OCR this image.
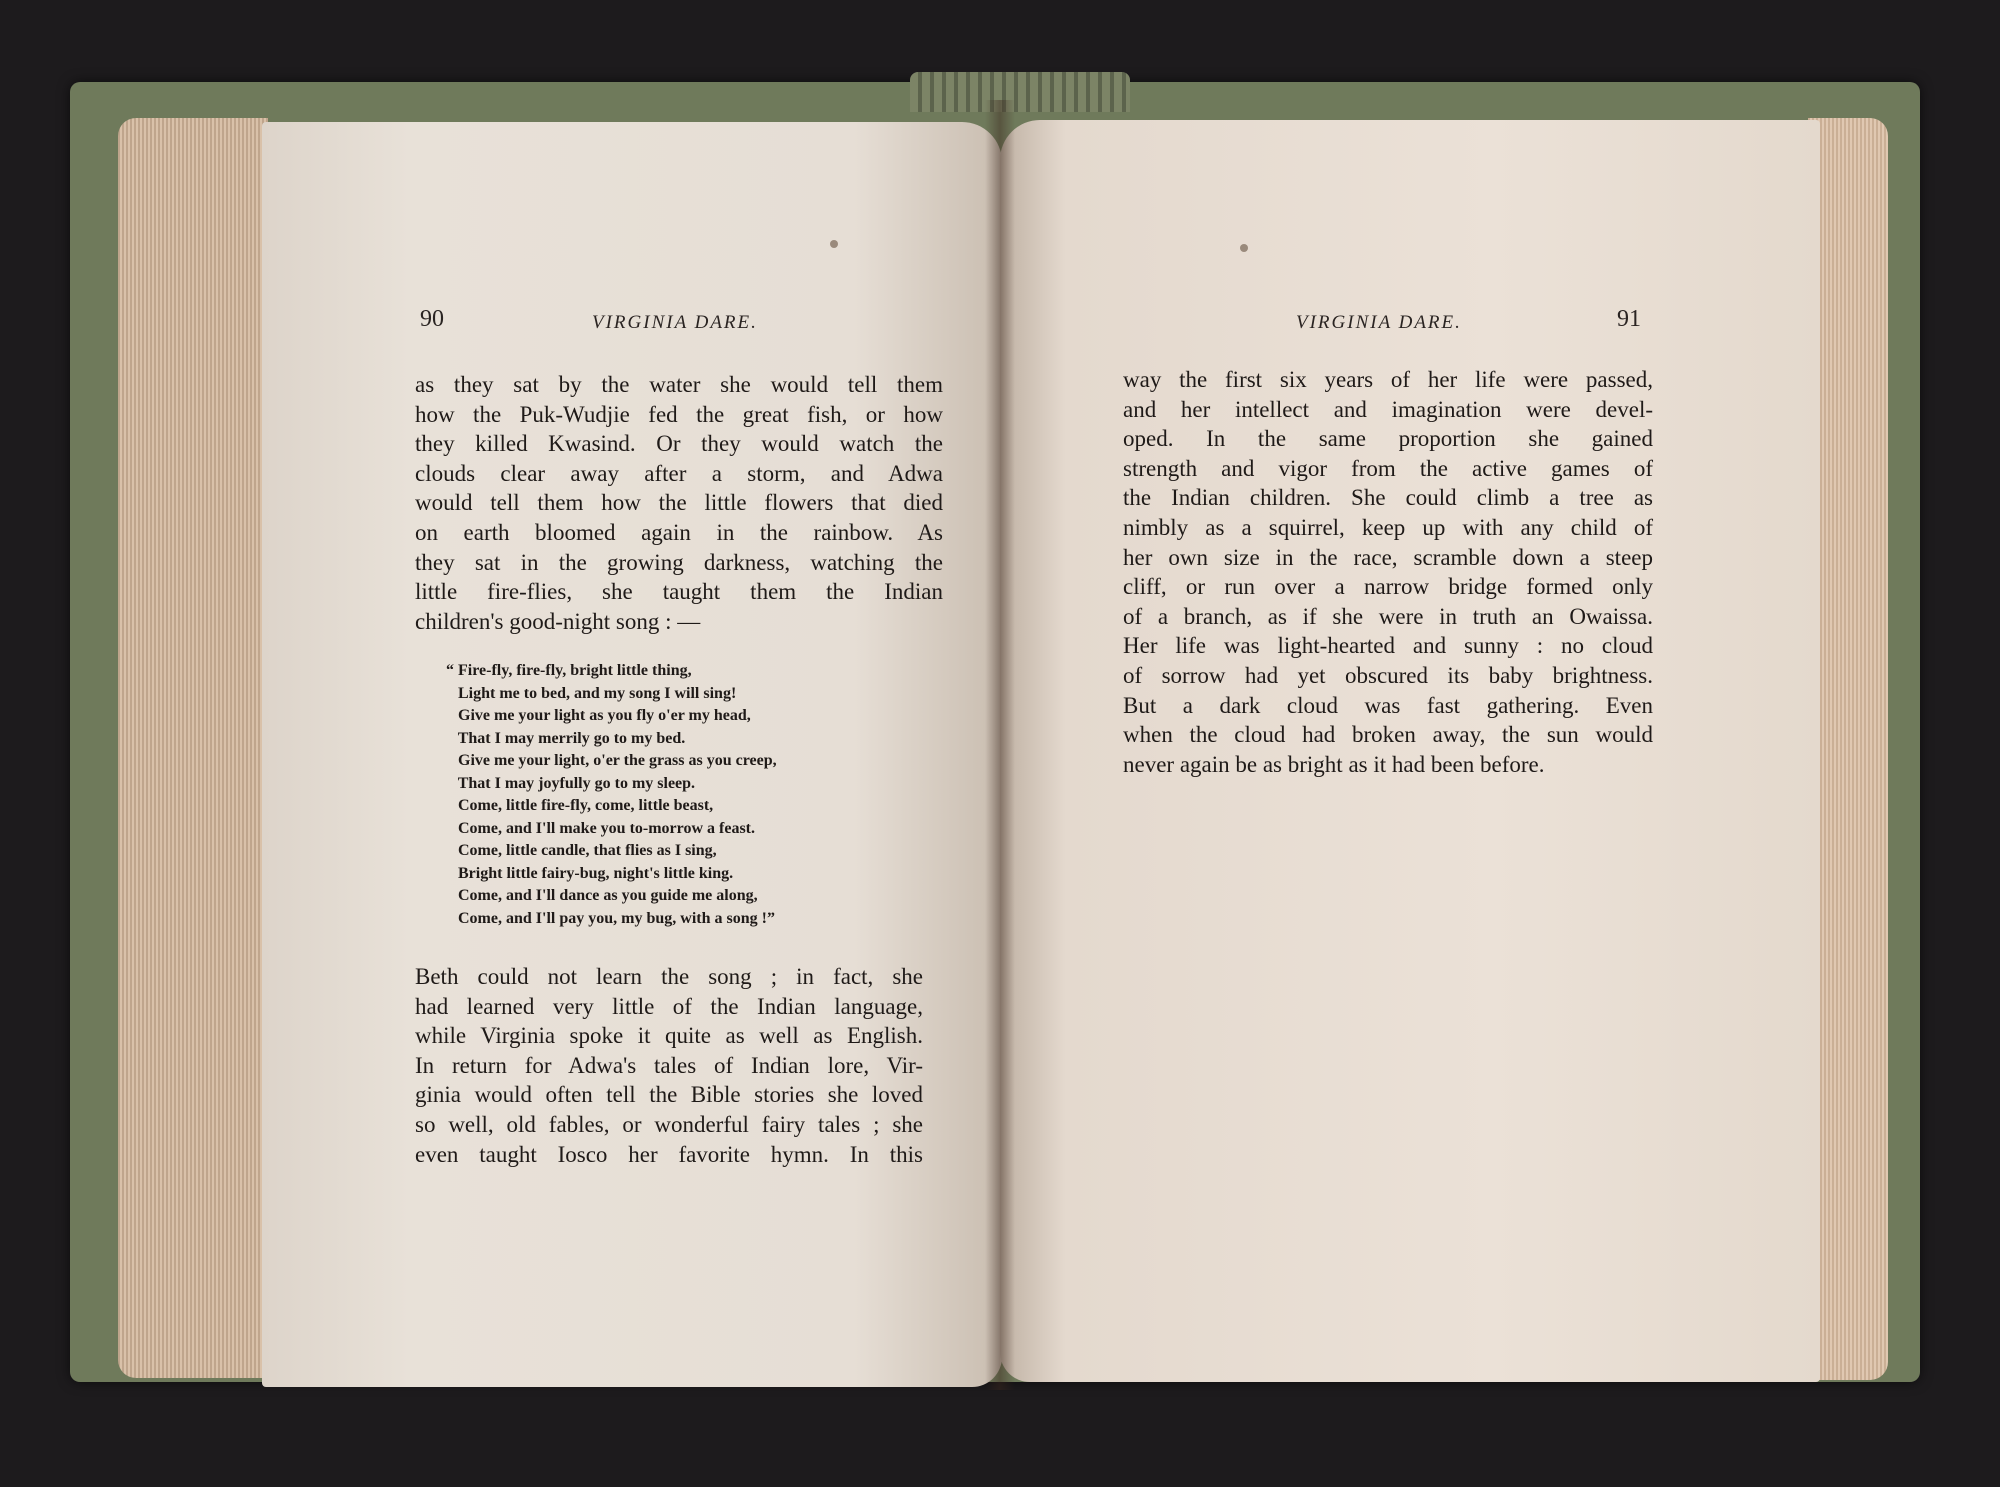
90	VIRGINIA DARE.

as they sat by the water she would tell them
how the Puk-Wudjie fed the great fish, or how
they killed Kwasind. Or they would watch the
clouds clear away after a storm, and Adwa
would tell them how the little flowers that died
on earth bloomed again in the rainbow. As
they sat in the growing darkness, watching the
little fire-flies, she taught them the Indian
children's good-night song : —

“ Fire-fly, fire-fly, bright little thing,
Light me to bed, and my song I will sing!
Give me your light as you fly o'er my head,
That I may merrily go to my bed.
Give me your light, o'er the grass as you creep,
That I may joyfully go to my sleep.
Come, little fire-fly, come, little beast,
Come, and I'll make you to-morrow a feast.
Come, little candle, that flies as I sing,
Bright little fairy-bug, night's little king.
Come, and I'll dance as you guide me along,
Come, and I'll pay you, my bug, with a song !”

Beth could not learn the song ; in fact, she
had learned very little of the Indian language,
while Virginia spoke it quite as well as English.
In return for Adwa's tales of Indian lore, Vir-
ginia would often tell the Bible stories she loved
so well, old fables, or wonderful fairy tales ; she
even taught Iosco her favorite hymn. In this

VIRGINIA DARE.	91

way the first six years of her life were passed,
and her intellect and imagination were devel-
oped. In the same proportion she gained
strength and vigor from the active games of
the Indian children. She could climb a tree as
nimbly as a squirrel, keep up with any child of
her own size in the race, scramble down a steep
cliff, or run over a narrow bridge formed only
of a branch, as if she were in truth an Owaissa.
Her life was light-hearted and sunny : no cloud
of sorrow had yet obscured its baby brightness.
But a dark cloud was fast gathering. Even
when the cloud had broken away, the sun would
never again be as bright as it had been before.
